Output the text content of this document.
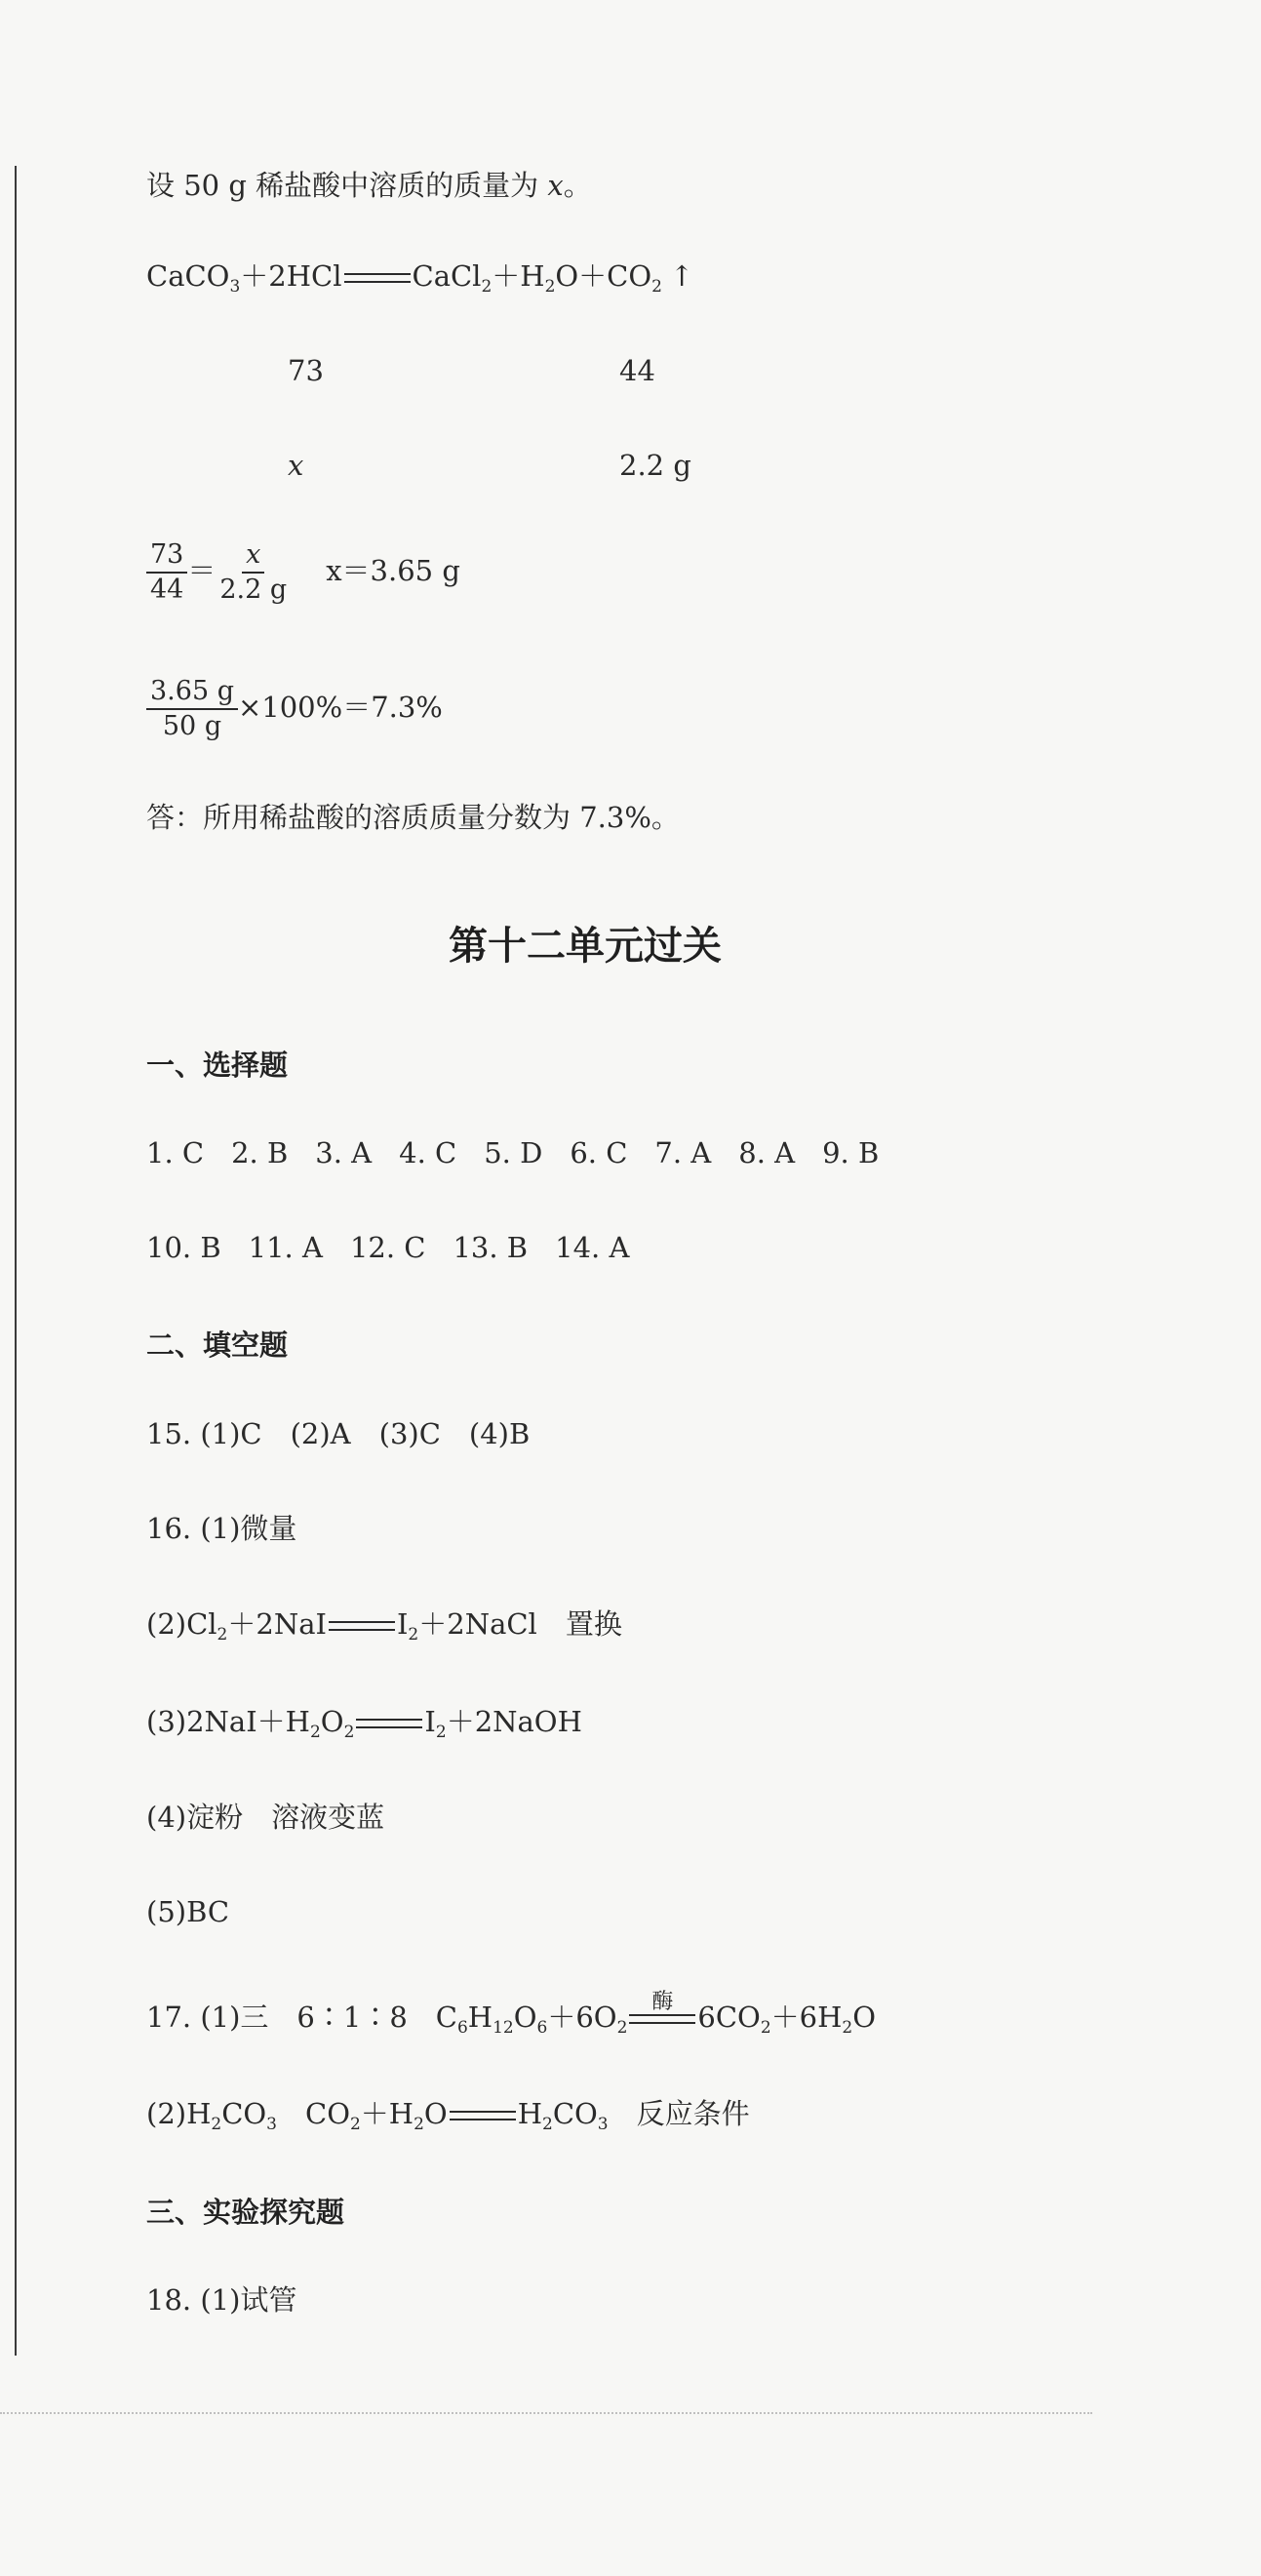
设 50 g 稀盐酸中溶质的质量为 x。
CaCO$_3$＋2HCl $CaCl_2+H_2O+CO_2$ ↑
73	44
x	2.2 g
$\frac{73}{44} = \frac{x}{2.2 g} x=3.65$ g
$\frac{3.65 g}{50 g} \times 100\%=7.3\%$
答：所用稀盐酸的溶质质量分数为 7.3%。
第十二单元过关
一、选择题
1. C 2. B 3. A 4. C 5. D 6. C 7. A 8. A 9. B
10. B 11. A 12. C 13. B 14. A
二、填空题
15. (1)C　(2)A　(3)C　(4)B
16. (1)微量
$(2)Cl_2+2NaI$ $I_2+2NaCl$　置换
$(3)2NaI+H_2O_2$ $I_2+2NaOH$
(4)淀粉　溶液变蓝
(5)BC
17. (1)三　6∶1∶8　$C_6H_{12}O_6+6O_2$
酶 $6CO_2+6H_2O$
$(2)H_2CO_3$　$CO_2+H_2O$ $H_2CO_3$　反应条件
三、实验探究题
18. (1)试管
